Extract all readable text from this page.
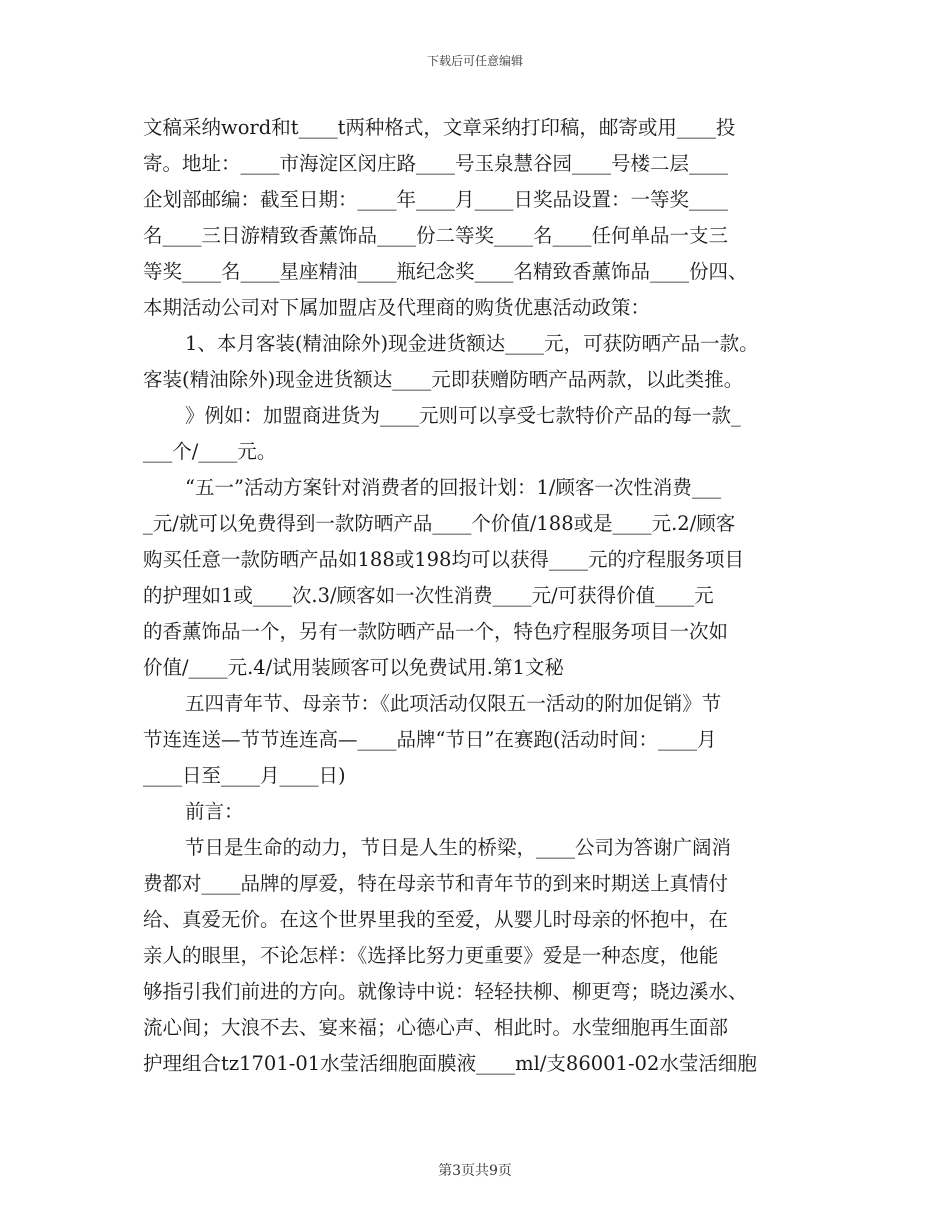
下载后可任意编辑
文稿采纳word和t____t两种格式，文章采纳打印稿，邮寄或用____投
寄。地址：____市海淀区闵庄路____号玉泉慧谷园____号楼二层____
企划部邮编：截至日期：____年____月____日奖品设置：一等奖____
名____三日游精致香薰饰品____份二等奖____名____任何单品一支三
等奖____名____星座精油____瓶纪念奖____名精致香薰饰品____份四、
本期活动公司对下属加盟店及代理商的购货优惠活动政策：
1、本月客装(精油除外)现金进货额达____元，可获防晒产品一款。
客装(精油除外)现金进货额达____元即获赠防晒产品两款，以此类推。
》例如：加盟商进货为____元则可以享受七款特价产品的每一款_
___个/____元。
“五一”活动方案针对消费者的回报计划：1/顾客一次性消费___
_元/就可以免费得到一款防晒产品____个价值/188或是____元.2/顾客
购买任意一款防晒产品如188或198均可以获得____元的疗程服务项目
的护理如1或____次.3/顾客如一次性消费____元/可获得价值____元
的香薰饰品一个，另有一款防晒产品一个，特色疗程服务项目一次如
价值/____元.4/试用装顾客可以免费试用.第1文秘
五四青年节、母亲节：《此项活动仅限五一活动的附加促销》节
节连连送—节节连连高—____品牌“节日”在赛跑(活动时间：____月
____日至____月____日)
前言：
节日是生命的动力，节日是人生的桥梁，____公司为答谢广阔消
费都对____品牌的厚爱，特在母亲节和青年节的到来时期送上真情付
给、真爱无价。在这个世界里我的至爱，从婴儿时母亲的怀抱中，在
亲人的眼里，不论怎样：《选择比努力更重要》爱是一种态度，他能
够指引我们前进的方向。就像诗中说：轻轻扶柳、柳更弯；晓边溪水、
流心间；大浪不去、宴来福；心德心声、相此时。水莹细胞再生面部
护理组合tz1701-01水莹活细胞面膜液____ml/支86001-02水莹活细胞
第3页共9页
